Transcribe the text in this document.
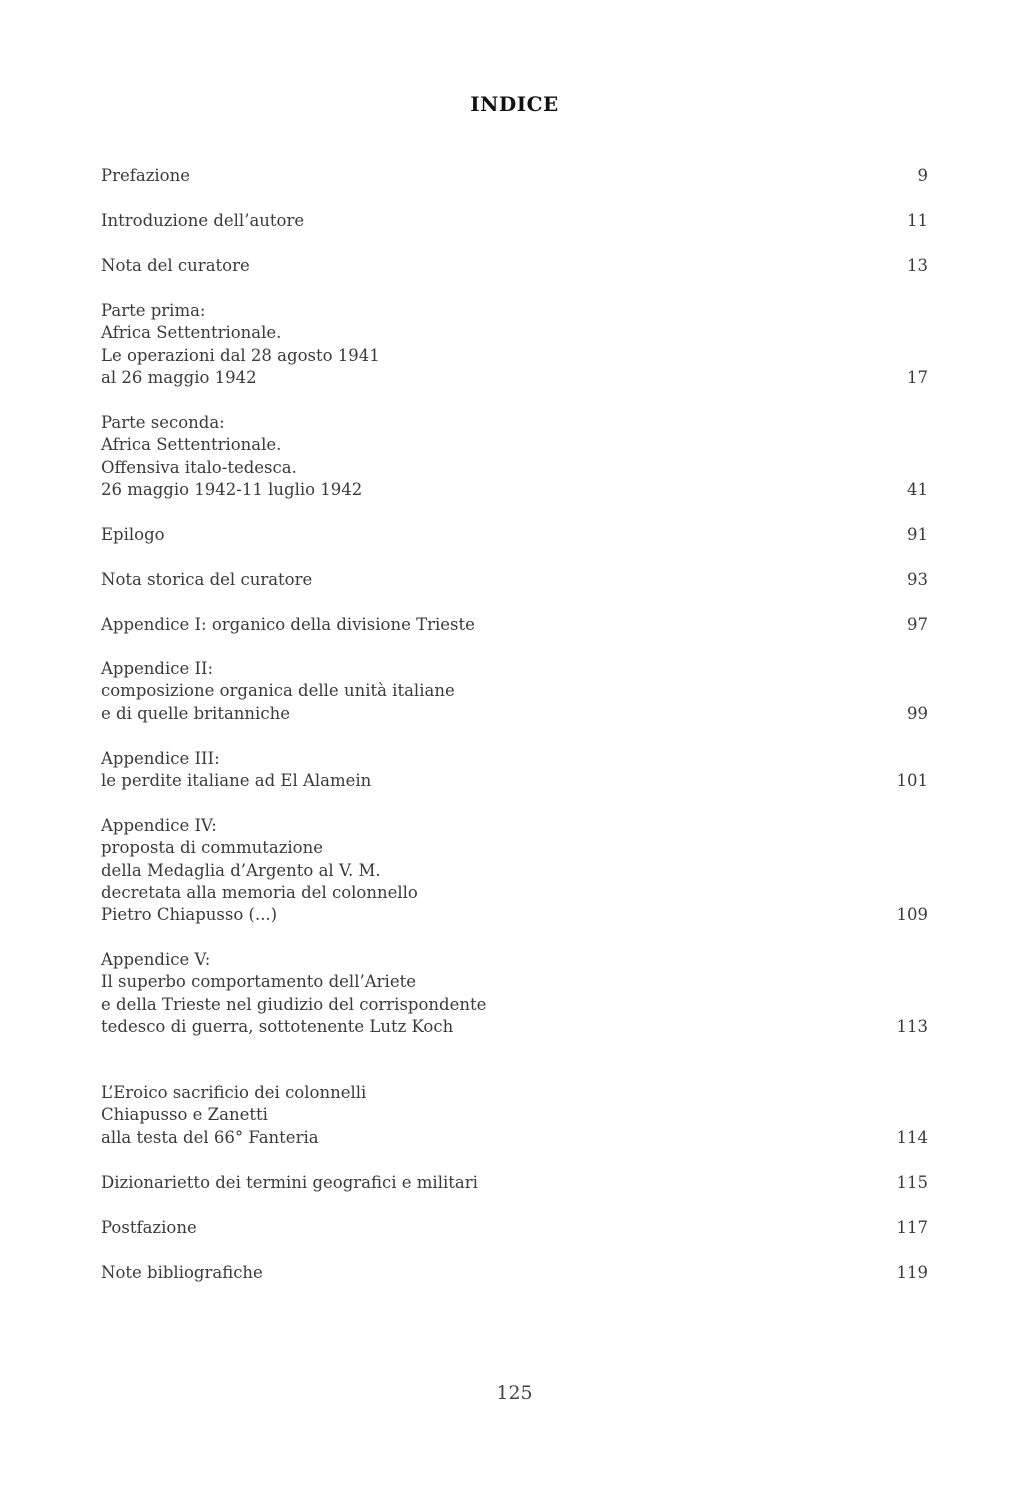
INDICE
Prefazione	9
Introduzione dell’autore	11
Nota del curatore	13
Parte prima:
Africa Settentrionale.
Le operazioni dal 28 agosto 1941
al 26 maggio 1942	17
Parte seconda:
Africa Settentrionale.
Offensiva italo-tedesca.
26 maggio 1942-11 luglio 1942	41
Epilogo	91
Nota storica del curatore	93
Appendice I: organico della divisione Trieste	97
Appendice II:
composizione organica delle unità italiane
e di quelle britanniche	99
Appendice III:
le perdite italiane ad El Alamein	101
Appendice IV:
proposta di commutazione
della Medaglia d’Argento al V. M.
decretata alla memoria del colonnello
Pietro Chiapusso (...)	109
Appendice V:
Il superbo comportamento dell’Ariete
e della Trieste nel giudizio del corrispondente
tedesco di guerra, sottotenente Lutz Koch	113
L’Eroico sacrificio dei colonnelli
Chiapusso e Zanetti
alla testa del 66° Fanteria	114
Dizionarietto dei termini geografici e militari	115
Postfazione	117
Note bibliografiche	119
125
